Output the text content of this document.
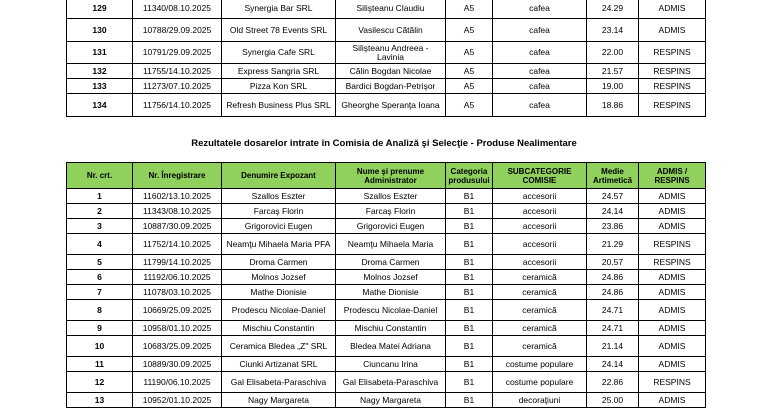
129	11340/08.10.2025	Synergia Bar SRL	Silişteanu Claudiu	A5	cafea	24.29	ADMIS
130	10788/29.09.2025	Old Street 78 Events SRL	Vasilescu Cătălin	A5	cafea	23.14	ADMIS
131	10791/29.09.2025	Synergia Cafe SRL	Silişteanu Andreea - Lavinia	A5	cafea	22.00	RESPINS
132	11755/14.10.2025	Express Sangria SRL	Călin Bogdan Nicolae	A5	cafea	21.57	RESPINS
133	11273/07.10.2025	Pizza Kon SRL	Bardici Bogdan-Petrişor	A5	cafea	19.00	RESPINS
134	11756/14.10.2025	Refresh Business Plus SRL	Gheorghe Speranţa Ioana	A5	cafea	18.86	RESPINS
Rezultatele dosarelor intrate în Comisia de Analiză şi Selecţie - Produse Nealimentare
Nr. crt.	Nr. Înregistrare	Denumire Expozant	Nume şi prenume Administrator	Categoria produsului	SUBCATEGORIE COMISIE	Medie Artimetică	ADMIS / RESPINS
1	11602/13.10.2025	Szallos Eszter	Szallos Eszter	B1	accesorii	24.57	ADMIS
2	11343/08.10.2025	Farcaş Florin	Farcaş Florin	B1	accesorii	24.14	ADMIS
3	10887/30.09.2025	Grigorovici Eugen	Grigorovici Eugen	B1	accesorii	23.86	ADMIS
4	11752/14.10.2025	Neamţu Mihaela Maria PFA	Neamţu Mihaela Maria	B1	accesorii	21.29	RESPINS
5	11799/14.10.2025	Droma Carmen	Droma Carmen	B1	accesorii	20.57	RESPINS
6	11192/06.10.2025	Molnos Jozsef	Molnos Jozsef	B1	ceramică	24.86	ADMIS
7	11078/03.10.2025	Mathe Dionisie	Mathe Dionisie	B1	ceramică	24.86	ADMIS
8	10669/25.09.2025	Prodescu Nicolae-Daniel	Prodescu Nicolae-Daniel	B1	ceramică	24.71	ADMIS
9	10958/01.10.2025	Mischiu Constantin	Mischiu Constantin	B1	ceramică	24.71	ADMIS
10	10683/25.09.2025	Ceramica Bledea „Z" SRL	Bledea Matei Adriana	B1	ceramică	21.14	ADMIS
11	10889/30.09.2025	Ciunki Artizanat SRL	Ciuncanu Irina	B1	costume populare	24.14	ADMIS
12	11190/06.10.2025	Gal Elisabeta-Paraschiva	Gal Elisabeta-Paraschiva	B1	costume populare	22.86	RESPINS
13	10952/01.10.2025	Nagy Margareta	Nagy Margareta	B1	decoraţiuni	25.00	ADMIS
